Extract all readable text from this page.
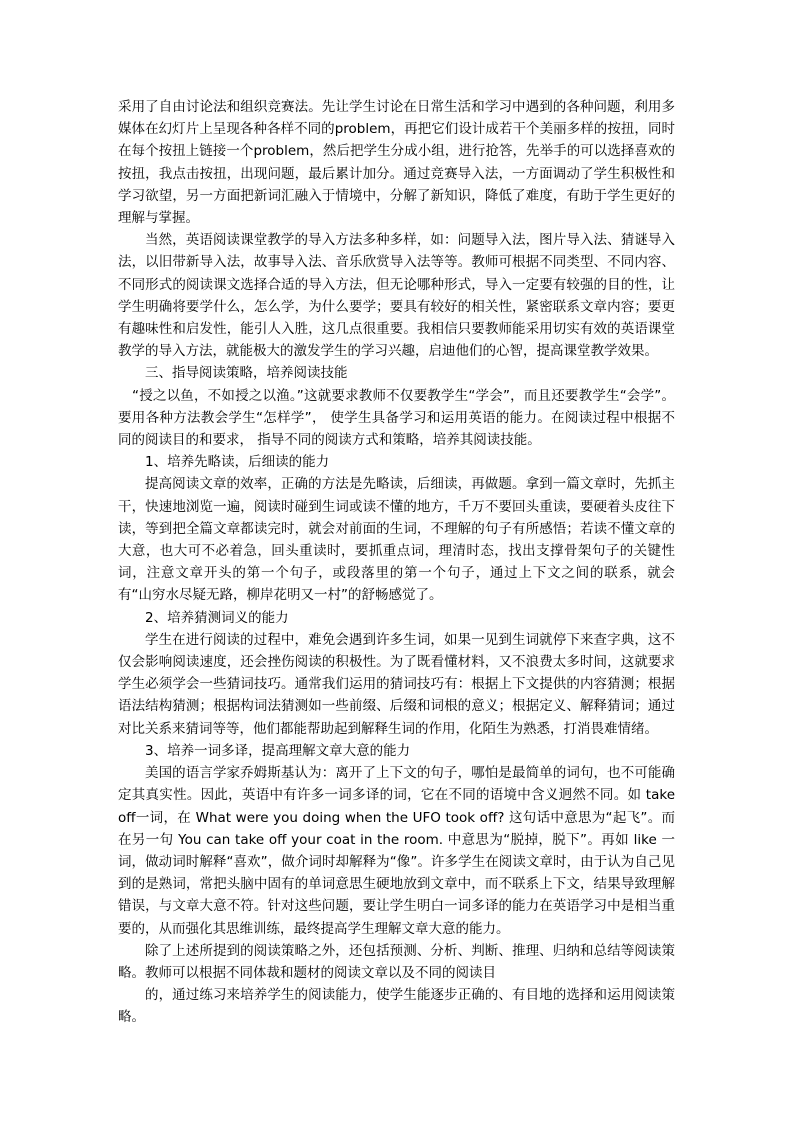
采用了自由讨论法和组织竞赛法。先让学生讨论在日常生活和学习中遇到的各种问题，利用多媒体在幻灯片上呈现各种各样不同的problem，再把它们设计成若干个美丽多样的按扭，同时在每个按扭上链接一个problem，然后把学生分成小组，进行抢答，先举手的可以选择喜欢的按扭，我点击按扭，出现问题，最后累计加分。通过竞赛导入法，一方面调动了学生积极性和学习欲望，另一方面把新词汇融入于情境中，分解了新知识，降低了难度，有助于学生更好的理解与掌握。

当然，英语阅读课堂教学的导入方法多种多样，如：问题导入法，图片导入法、猜谜导入法，以旧带新导入法，故事导入法、音乐欣赏导入法等等。教师可根据不同类型、不同内容、不同形式的阅读课文选择合适的导入方法，但无论哪种形式，导入一定要有较强的目的性，让学生明确将要学什么，怎么学，为什么要学；要具有较好的相关性，紧密联系文章内容；要更有趣味性和启发性，能引人入胜，这几点很重要。我相信只要教师能采用切实有效的英语课堂教学的导入方法，就能极大的激发学生的学习兴趣，启迪他们的心智，提高课堂教学效果。

三、指导阅读策略，培养阅读技能

“授之以鱼，不如授之以渔。”这就要求教师不仅要教学生“学会”，而且还要教学生“会学”。要用各种方法教会学生“怎样学”， 使学生具备学习和运用英语的能力。在阅读过程中根据不同的阅读目的和要求， 指导不同的阅读方式和策略，培养其阅读技能。

1、培养先略读，后细读的能力

提高阅读文章的效率，正确的方法是先略读，后细读，再做题。拿到一篇文章时，先抓主干，快速地浏览一遍，阅读时碰到生词或读不懂的地方，千万不要回头重读，要硬着头皮往下读，等到把全篇文章都读完时，就会对前面的生词，不理解的句子有所感悟；若读不懂文章的大意，也大可不必着急，回头重读时，要抓重点词，理清时态，找出支撑骨架句子的关键性词，注意文章开头的第一个句子，或段落里的第一个句子，通过上下文之间的联系，就会有“山穷水尽疑无路，柳岸花明又一村”的舒畅感觉了。

2、培养猜测词义的能力

学生在进行阅读的过程中，难免会遇到许多生词，如果一见到生词就停下来查字典，这不仅会影响阅读速度，还会挫伤阅读的积极性。为了既看懂材料，又不浪费太多时间，这就要求学生必须学会一些猜词技巧。通常我们运用的猜词技巧有：根据上下文提供的内容猜测；根据语法结构猜测；根据构词法猜测如一些前缀、后缀和词根的意义；根据定义、解释猜词；通过对比关系来猜词等等，他们都能帮助起到解释生词的作用，化陌生为熟悉，打消畏难情绪。

3、培养一词多译，提高理解文章大意的能力

美国的语言学家乔姆斯基认为：离开了上下文的句子，哪怕是最简单的词句，也不可能确定其真实性。因此，英语中有许多一词多译的词，它在不同的语境中含义迥然不同。如 take off一词，在 What were you doing when the UFO took off? 这句话中意思为“起飞”。而在另一句 You can take off your coat in the room. 中意思为“脱掉，脱下”。再如 like 一词，做动词时解释“喜欢”，做介词时却解释为“像”。许多学生在阅读文章时，由于认为自己见到的是熟词，常把头脑中固有的单词意思生硬地放到文章中，而不联系上下文，结果导致理解错误，与文章大意不符。针对这些问题，要让学生明白一词多译的能力在英语学习中是相当重要的，从而强化其思维训练，最终提高学生理解文章大意的能力。

除了上述所提到的阅读策略之外，还包括预测、分析、判断、推理、归纳和总结等阅读策略。教师可以根据不同体裁和题材的阅读文章以及不同的阅读目

的，通过练习来培养学生的阅读能力，使学生能逐步正确的、有目地的选择和运用阅读策略。
